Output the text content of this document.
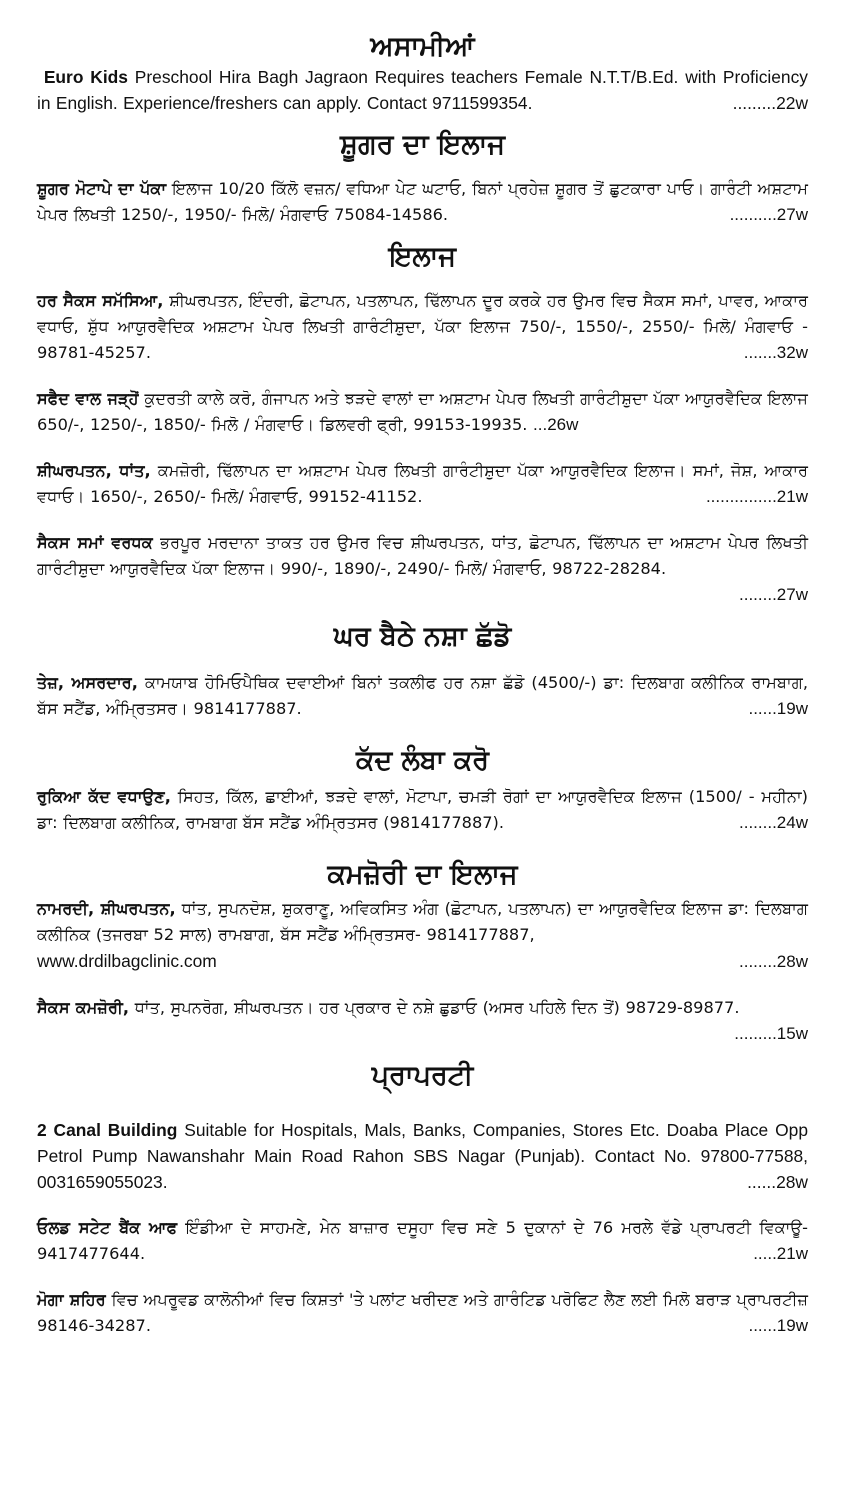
ਅਸਾਮੀਆਂ
Euro Kids Preschool Hira Bagh Jagraon Requires teachers Female N.T.T/B.Ed. with Proficiency in English. Experience/freshers can apply. Contact 9711599354.	.........22w
ਸ਼ੂਗਰ ਦਾ ਇਲਾਜ
ਸ਼ੂਗਰ ਮੋਟਾਪੇ ਦਾ ਪੱਕਾ ਇਲਾਜ 10/20 ਕਿੱਲੋ ਵਜ਼ਨ/ ਵਧਿਆ ਪੇਟ ਘਟਾਓ, ਬਿਨਾਂ ਪ੍ਰਹੇਜ਼ ਸ਼ੂਗਰ ਤੋਂ ਛੁਟਕਾਰਾ ਪਾਓ। ਗਾਰੰਟੀ ਅਸ਼ਟਾਮ ਪੇਪਰ ਲਿਖਤੀ 1250/-, 1950/- ਮਿਲੋ/ ਮੰਗਵਾਓ 75084-14586.	..........27w
ਇਲਾਜ
ਹਰ ਸੈਕਸ ਸਮੱਸਿਆ, ਸ਼ੀਘਰਪਤਨ, ਇੰਦਰੀ, ਛੋਟਾਪਨ, ਪਤਲਾਪਨ, ਢਿੱਲਾਪਨ ਦੂਰ ਕਰਕੇ ਹਰ ਉਮਰ ਵਿਚ ਸੈਕਸ ਸਮਾਂ, ਪਾਵਰ, ਆਕਾਰ ਵਧਾਓ, ਸ਼ੁੱਧ ਆਯੁਰਵੈਦਿਕ ਅਸ਼ਟਾਮ ਪੇਪਰ ਲਿਖਤੀ ਗਾਰੰਟੀਸ਼ੁਦਾ, ਪੱਕਾ ਇਲਾਜ 750/-, 1550/-, 2550/- ਮਿਲੋ/ ਮੰਗਵਾਓ - 98781-45257.	.......32w
ਸਫੈਦ ਵਾਲ ਜੜ੍ਹੋਂ ਕੁਦਰਤੀ ਕਾਲੇ ਕਰੋ, ਗੰਜਾਪਨ ਅਤੇ ਝੜਦੇ ਵਾਲਾਂ ਦਾ ਅਸ਼ਟਾਮ ਪੇਪਰ ਲਿਖਤੀ ਗਾਰੰਟੀਸ਼ੁਦਾ ਪੱਕਾ ਆਯੁਰਵੈਦਿਕ ਇਲਾਜ 650/-, 1250/-, 1850/- ਮਿਲੋ / ਮੰਗਵਾਓ। ਡਿਲਵਰੀ ਫ੍ਰੀ, 99153-19935. ...26w
ਸ਼ੀਘਰਪਤਨ, ਧਾਂਤ, ਕਮਜ਼ੋਰੀ, ਢਿੱਲਾਪਨ ਦਾ ਅਸ਼ਟਾਮ ਪੇਪਰ ਲਿਖਤੀ ਗਾਰੰਟੀਸ਼ੁਦਾ ਪੱਕਾ ਆਯੁਰਵੈਦਿਕ ਇਲਾਜ। ਸਮਾਂ, ਜੋਸ਼, ਆਕਾਰ ਵਧਾਓ। 1650/-, 2650/- ਮਿਲੋ/ ਮੰਗਵਾਓ, 99152-41152.	...............21w
ਸੈਕਸ ਸਮਾਂ ਵਰਧਕ ਭਰਪੂਰ ਮਰਦਾਨਾ ਤਾਕਤ ਹਰ ਉਮਰ ਵਿਚ ਸ਼ੀਘਰਪਤਨ, ਧਾਂਤ, ਛੋਟਾਪਨ, ਢਿੱਲਾਪਨ ਦਾ ਅਸ਼ਟਾਮ ਪੇਪਰ ਲਿਖਤੀ ਗਾਰੰਟੀਸ਼ੁਦਾ ਆਯੁਰਵੈਦਿਕ ਪੱਕਾ ਇਲਾਜ। 990/-, 1890/-, 2490/- ਮਿਲੋ/ ਮੰਗਵਾਓ, 98722-28284.

........27w

ਘਰ ਬੈਠੇ ਨਸ਼ਾ ਛੱਡੋ
ਤੇਜ਼, ਅਸਰਦਾਰ, ਕਾਮਯਾਬ ਹੋਮਿਓਪੈਥਿਕ ਦਵਾਈਆਂ ਬਿਨਾਂ ਤਕਲੀਫ ਹਰ ਨਸ਼ਾ ਛੱਡੋ (4500/-) ਡਾ: ਦਿਲਬਾਗ ਕਲੀਨਿਕ ਰਾਮਬਾਗ, ਬੱਸ ਸਟੈਂਡ, ਅੰਮ੍ਰਿਤਸਰ। 9814177887.	......19w
ਕੱਦ ਲੰਬਾ ਕਰੋ
ਰੁਕਿਆ ਕੱਦ ਵਧਾਉਣ, ਸਿਹਤ, ਕਿੱਲ, ਛਾਈਆਂ, ਝੜਦੇ ਵਾਲਾਂ, ਮੋਟਾਪਾ, ਚਮੜੀ ਰੋਗਾਂ ਦਾ ਆਯੁਰਵੈਦਿਕ ਇਲਾਜ (1500/ - ਮਹੀਨਾ) ਡਾ: ਦਿਲਬਾਗ ਕਲੀਨਿਕ, ਰਾਮਬਾਗ ਬੱਸ ਸਟੈਂਡ ਅੰਮ੍ਰਿਤਸਰ (9814177887).	........24w
ਕਮਜ਼ੋਰੀ ਦਾ ਇਲਾਜ
ਨਾਮਰਦੀ, ਸ਼ੀਘਰਪਤਨ, ਧਾਂਤ, ਸੁਪਨਦੋਸ਼, ਸ਼ੁਕਰਾਣੂ, ਅਵਿਕਸਿਤ ਅੰਗ (ਛੋਟਾਪਨ, ਪਤਲਾਪਨ) ਦਾ ਆਯੁਰਵੈਦਿਕ ਇਲਾਜ ਡਾ: ਦਿਲਬਾਗ ਕਲੀਨਿਕ (ਤਜਰਬਾ 52 ਸਾਲ) ਰਾਮਬਾਗ, ਬੱਸ ਸਟੈਂਡ ਅੰਮ੍ਰਿਤਸਰ- 9814177887,
www.drdilbagclinic.com	........28w
ਸੈਕਸ ਕਮਜ਼ੋਰੀ, ਧਾਂਤ, ਸੁਪਨਰੋਗ, ਸ਼ੀਘਰਪਤਨ। ਹਰ ਪ੍ਰਕਾਰ ਦੇ ਨਸ਼ੇ ਛੁਡਾਓ (ਅਸਰ ਪਹਿਲੇ ਦਿਨ ਤੋਂ) 98729-89877.

.........15w

ਪ੍ਰਾਪਰਟੀ
2 Canal Building Suitable for Hospitals, Mals, Banks, Companies, Stores Etc. Doaba Place Opp Petrol Pump Nawanshahr Main Road Rahon SBS Nagar (Punjab). Contact No. 97800-77588, 0031659055023.	......28w
ਓਲਡ ਸਟੇਟ ਬੈਂਕ ਆਫ ਇੰਡੀਆ ਦੇ ਸਾਹਮਣੇ, ਮੇਨ ਬਾਜ਼ਾਰ ਦਸੂਹਾ ਵਿਚ ਸਣੇ 5 ਦੁਕਾਨਾਂ ਦੇ 76 ਮਰਲੇ ਵੱਡੇ ਪ੍ਰਾਪਰਟੀ ਵਿਕਾਊ- 9417477644.	.....21w
ਮੋਗਾ ਸ਼ਹਿਰ ਵਿਚ ਅਪਰੂਵਡ ਕਾਲੋਨੀਆਂ ਵਿਚ ਕਿਸ਼ਤਾਂ 'ਤੇ ਪਲਾਂਟ ਖਰੀਦਣ ਅਤੇ ਗਾਰੰਟਿਡ ਪਰੋਫਿਟ ਲੈਣ ਲਈ ਮਿਲੋ ਬਰਾੜ ਪ੍ਰਾਪਰਟੀਜ਼ 98146-34287.	......19w
